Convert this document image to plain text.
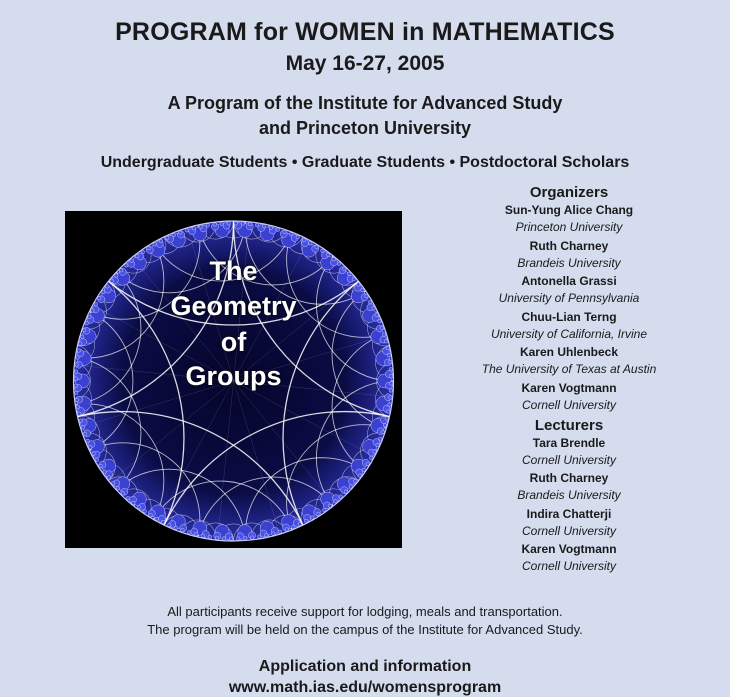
PROGRAM for WOMEN in MATHEMATICS
May 16-27, 2005
A Program of the Institute for Advanced Study
and Princeton University
Undergraduate Students • Graduate Students • Postdoctoral Scholars
The
Geometry
of
Groups
Organizers
Sun-Yung Alice Chang
Princeton University
Ruth Charney
Brandeis University
Antonella Grassi
University of Pennsylvania
Chuu-Lian Terng
University of California, Irvine
Karen Uhlenbeck
The University of Texas at Austin
Karen Vogtmann
Cornell University
Lecturers
Tara Brendle
Cornell University
Ruth Charney
Brandeis University
Indira Chatterji
Cornell University
Karen Vogtmann
Cornell University
All participants receive support for lodging, meals and transportation.
The program will be held on the campus of the Institute for Advanced Study.
Application and information
www.math.ias.edu/womensprogram
